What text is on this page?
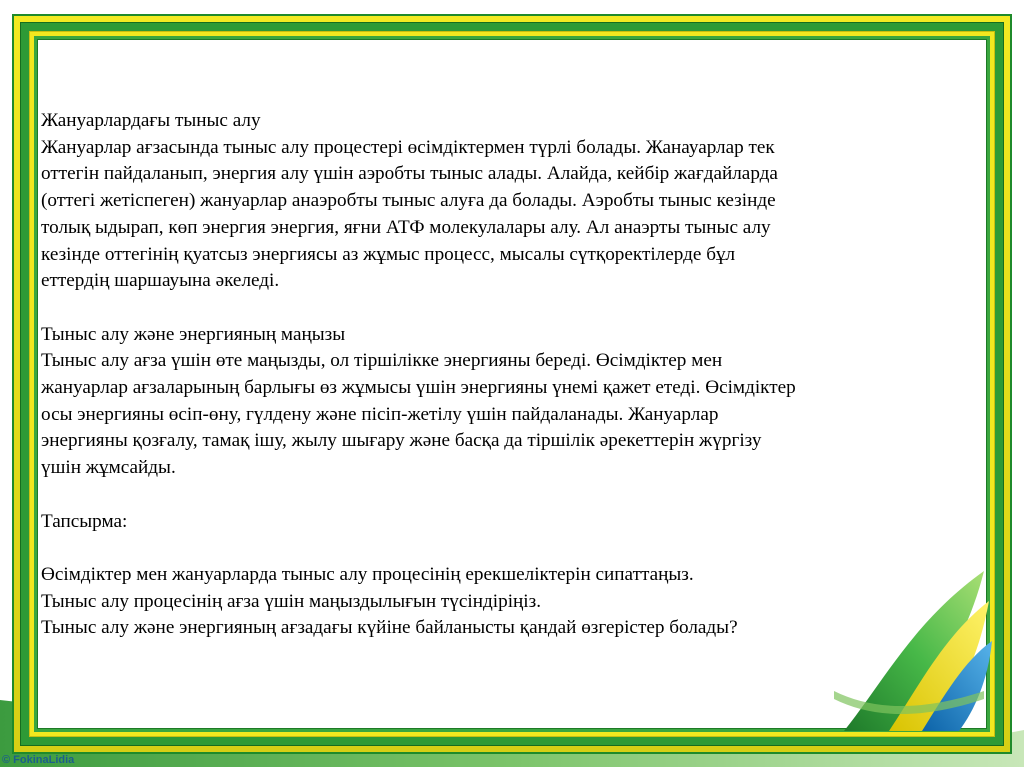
Жануарлардағы тыныс алу

Жануарлар ағзасында тыныс алу процестері өсімдіктермен түрлі болады. Жанауарлар тек

оттегін пайдаланып, энергия алу үшін аэробты тыныс алады. Алайда, кейбір жағдайларда

(оттегі жетіспеген) жануарлар анаэробты тыныс алуға да болады. Аэробты тыныс кезінде

толық ыдырап, көп энергия энергия, яғни АТФ молекулалары алу. Ал анаэрты тыныс алу

кезінде оттегінің қуатсыз энергиясы аз жұмыс процесс, мысалы сүтқоректілерде бұл

еттердің шаршауына әкеледі.

Тыныс алу және энергияның маңызы

Тыныс алу ағза үшін өте маңызды, ол тіршілікке энергияны береді. Өсімдіктер мен

жануарлар ағзаларының барлығы өз жұмысы үшін энергияны үнемі қажет етеді. Өсімдіктер

осы энергияны өсіп-өну, гүлдену және пісіп-жетілу үшін пайдаланады. Жануарлар

энергияны қозғалу, тамақ ішу, жылу шығару және басқа да тіршілік әрекеттерін жүргізу

үшін жұмсайды.

Тапсырма:

Өсімдіктер мен жануарларда тыныс алу процесінің ерекшеліктерін сипаттаңыз.

Тыныс алу процесінің ағза үшін маңыздылығын түсіндіріңіз.

Тыныс алу және энергияның ағзадағы күйіне байланысты қандай өзгерістер болады?

© FokinaLidia
